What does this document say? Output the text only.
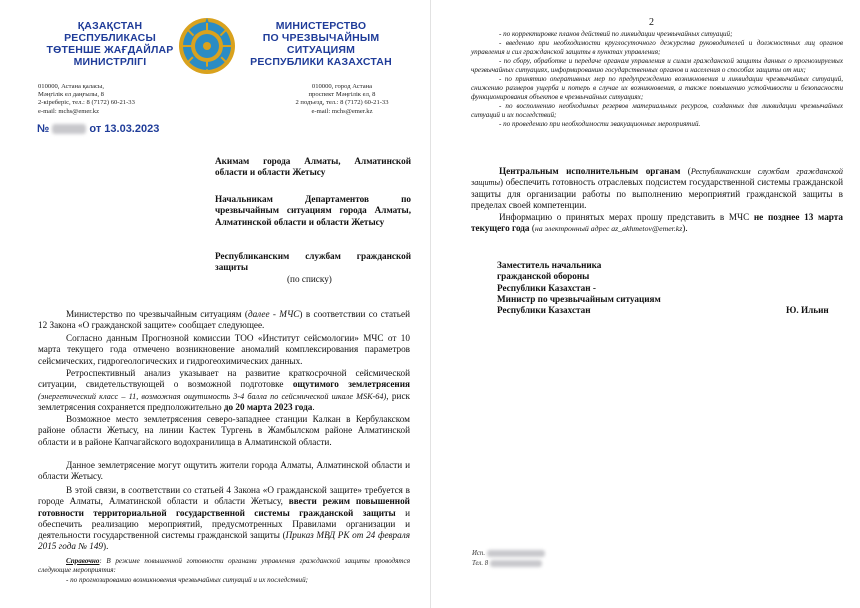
ҚАЗАҚСТАН
РЕСПУБЛИКАСЫ
ТӨТЕНШЕ ЖАҒДАЙЛАР
МИНИСТРЛІГІ
МИНИСТЕРСТВО
ПО ЧРЕЗВЫЧАЙНЫМ
СИТУАЦИЯМ
РЕСПУБЛИКИ КАЗАХСТАН
010000, Астана қаласы,
Мәңгілік ел даңғылы, 8
2-кіреберіс, тел.: 8 (7172) 60-21-33
e-mail: mchs@emer.kz
010000, город Астана
проспект Мәңгілік ел, 8
2 подъезд, тел.: 8 (7172) 60-21-33
e-mail: mchs@emer.kz
№	от 13.03.2023
Акимам города Алматы, Алматинской области и области Жетысу
Начальникам Департаментов по чрезвычайным ситуациям города Алматы, Алматинской области и области Жетысу
Республиканским службам гражданской защиты
(по списку)
Министерство по чрезвычайным ситуациям (далее - МЧС) в соответствии со статьей 12 Закона «О гражданской защите» сообщает следующее.
Согласно данным Прогнозной комиссии ТОО «Институт сейсмологии» МЧС от 10 марта текущего года отмечено возникновение аномалий комплексирования параметров сейсмических, гидрогеологических и гидрогеохимических данных.
Ретроспективный анализ указывает на развитие краткосрочной сейсмической ситуации, свидетельствующей о возможной подготовке ощутимого землетрясения (энергетический класс – 11, возможная ощутимость 3-4 балла по сейсмической шкале MSK-64), риск землетрясения сохраняется предположительно до 20 марта 2023 года.
Возможное место землетрясения северо-западнее станции Калкан в Кербулакском районе области Жетысу, на линии Кастек Тургень в Жамбылском районе Алматинской области и в районе Капчагайского водохранилища в Алматинской области.
Данное землетрясение могут ощутить жители города Алматы, Алматинской области и области Жетысу.
В этой связи, в соответствии со статьей 4 Закона «О гражданской защите» требуется в городе Алматы, Алматинской области и области Жетысу, ввести режим повышенной готовности территориальной государственной системы гражданской защиты и обеспечить реализацию мероприятий, предусмотренных Правилами организации и деятельности государственной системы гражданской защиты (Приказ МВД РК от 24 февраля 2015 года № 149).
Справочно: В режиме повышенной готовности органами управления гражданской защиты проводятся следующие мероприятия:
- по прогнозированию возникновения чрезвычайных ситуаций и их последствий;
2
- по корректировке планов действий по ликвидации чрезвычайных ситуаций;
- введению при необходимости круглосуточного дежурства руководителей и должностных лиц органов управления и сил гражданской защиты в пунктах управления;
- по сбору, обработке и передаче органам управления и силам гражданской защиты данных о прогнозируемых чрезвычайных ситуациях, информированию государственных органов и населения о способах защиты от них;
- по принятию оперативных мер по предупреждению возникновения и ликвидации чрезвычайных ситуаций, снижению размеров ущерба и потерь в случае их возникновения, а также повышению устойчивости и безопасности функционирования объектов в чрезвычайных ситуациях;
- по восполнению необходимых резервов материальных ресурсов, созданных для ликвидации чрезвычайных ситуаций и их последствий;
- по проведению при необходимости эвакуационных мероприятий.
Центральным исполнительным органам (Республиканским службам гражданской защиты) обеспечить готовность отраслевых подсистем государственной системы гражданской защиты для организации работы по выполнению мероприятий гражданской защиты в пределах своей компетенции.
Информацию о принятых мерах прошу представить в МЧС не позднее 13 марта текущего года (на электронный адрес az_akhmetov@emer.kz).
Заместитель начальника
гражданской обороны
Республики Казахстан -
Министр по чрезвычайным ситуациям
Республики Казахстан	Ю. Ильин
Исп.
Тел. 8
